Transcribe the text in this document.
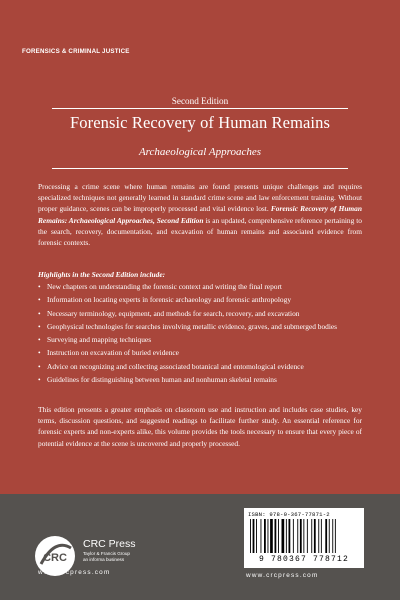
FORENSICS & CRIMINAL JUSTICE
Second Edition
Forensic Recovery of Human Remains
Archaeological Approaches

Processing a crime scene where human remains are found presents unique challenges and requires specialized techniques not generally learned in standard crime scene and law enforcement training. Without proper guidance, scenes can be improperly processed and vital evidence lost. Forensic Recovery of Human Remains: Archaeological Approaches, Second Edition is an updated, comprehensive reference pertaining to the search, recovery, documentation, and excavation of human remains and associated evidence from forensic contexts.

Highlights in the Second Edition include:
• New chapters on understanding the forensic context and writing the final report
• Information on locating experts in forensic archaeology and forensic anthropology
• Necessary terminology, equipment, and methods for search, recovery, and excavation
• Geophysical technologies for searches involving metallic evidence, graves, and submerged bodies
• Surveying and mapping techniques
• Instruction on excavation of buried evidence
• Advice on recognizing and collecting associated botanical and entomological evidence
• Guidelines for distinguishing between human and nonhuman skeletal remains

This edition presents a greater emphasis on classroom use and instruction and includes case studies, key terms, discussion questions, and suggested readings to facilitate further study. An essential reference for forensic experts and non-experts alike, this volume provides the tools necessary to ensure that every piece of potential evidence at the scene is uncovered and properly processed.

CRC
CRC Press
Taylor & Francis Group
an informa business
www.crcpress.com
ISBN: 978-0-367-77871-2
9 780367 778712
www.crcpress.com
